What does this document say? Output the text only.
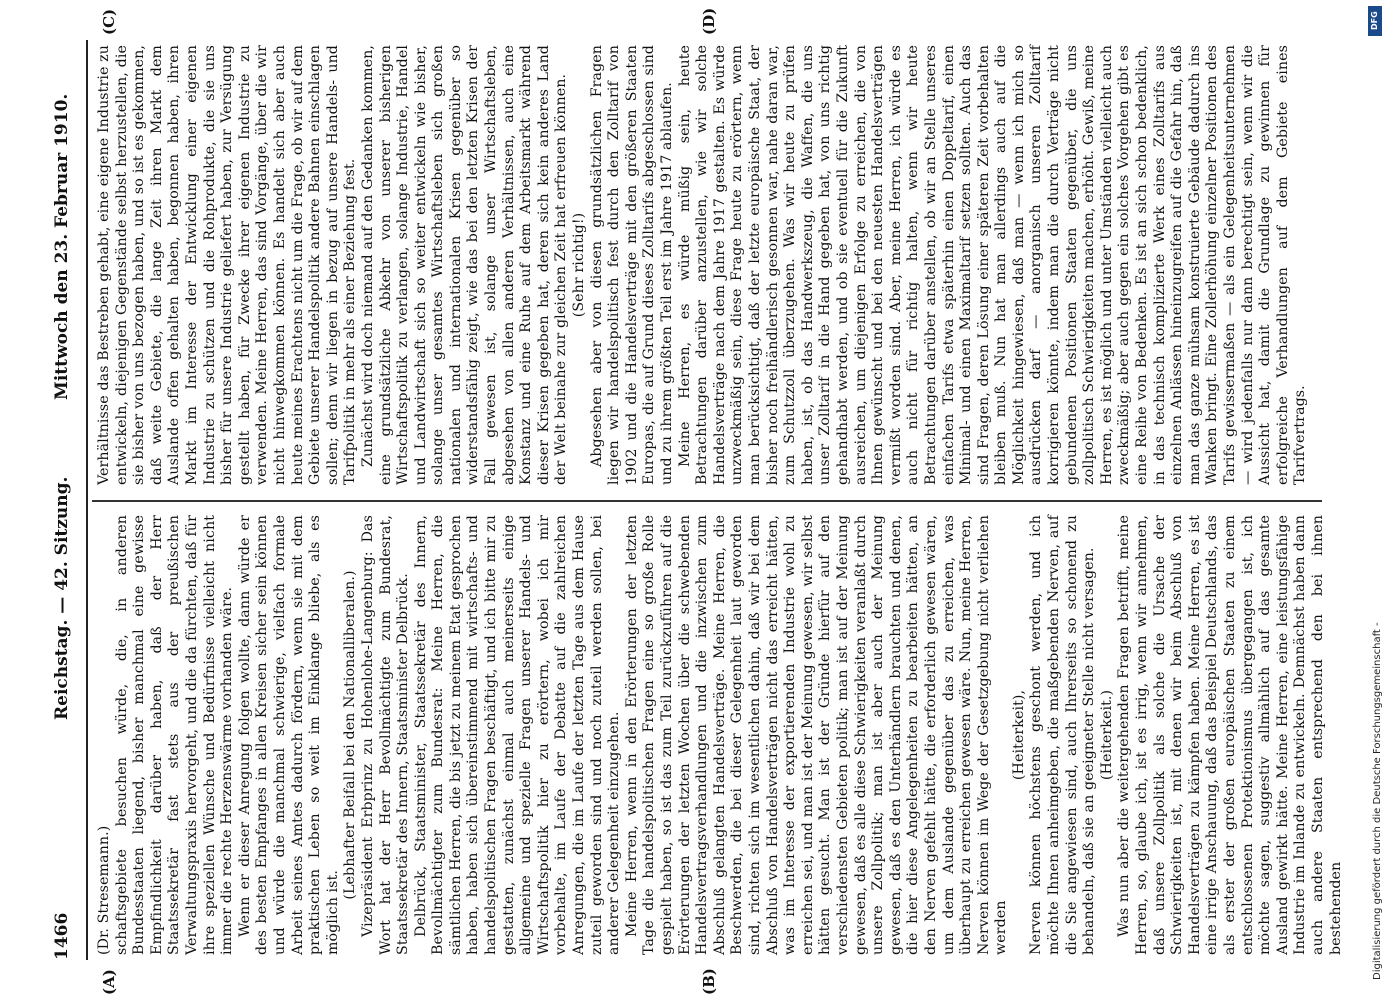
1466
Reichstag. — 42. Sitzung.
Mittwoch den 23. Februar 1910.

(Dr. Stresemann.) schaftsgebiete besuchen würde, die, in anderen Bundesstaaten liegend, bisher manchmal eine gewisse Empfindlichkeit darüber haben, daß der Herr Staatssekretär fast stets aus der preußischen Verwaltungspraxis hervorgeht, und die da fürchten, daß für ihre speziellen Wünsche und Bedürfnisse vielleicht nicht immer die rechte Herzenswärme vorhanden wäre. Wenn er dieser Anregung folgen wollte, dann würde er des besten Empfanges in allen Kreisen sicher sein können und würde die manchmal schwierige, vielfach formale Arbeit seines Amtes dadurch fördern, wenn sie mit dem praktischen Leben so weit im Einklange bliebe, als es möglich ist.

(Lebhafter Beifall bei den Nationalliberalen.) Vizepräsident Erbprinz zu Hohenlohe-Langenburg: Das Wort hat der Herr Bevollmächtigte zum Bundesrat, Staatssekretär des Innern, Staatsminister Delbrück. Delbrück, Staatsminister, Staatssekretär des Innern, Bevollmächtigter zum Bundesrat: Meine Herren, die sämtlichen Herren, die bis jetzt zu meinem Etat gesprochen haben, haben sich übereinstimmend mit wirtschafts- und handelspolitischen Fragen beschäftigt, und ich bitte mir zu gestatten, zunächst einmal auch meinerseits einige allgemeine und spezielle Fragen unserer Handels- und Wirtschaftspolitik hier zu erörtern, wobei ich mir vorbehalte, im Laufe der Debatte auf die zahlreichen Anregungen, die im Laufe der letzten Tage aus dem Hause zuteil geworden sind und noch zuteil werden sollen, bei anderer Gelegenheit einzugehen. Meine Herren, wenn in den Erörterungen der letzten Tage die handelspolitischen Fragen eine so große Rolle gespielt haben, so ist das zum Teil zurückzuführen auf die Erörterungen der letzten Wochen über die schwebenden Handelsvertragsverhandlungen und die inzwischen zum Abschluß gelangten Handelsverträge. Meine Herren, die Beschwerden, die bei dieser Gelegenheit laut geworden sind, richten sich im wesentlichen dahin, daß wir bei dem Abschluß von Handelsverträgen nicht das erreicht hätten, was im Interesse der exportierenden Industrie wohl zu erreichen sei, und man ist der Meinung gewesen, wir selbst hätten gesucht. Man ist der Gründe hierfür auf den verschiedensten Gebieten politik; man ist auf der Meinung gewesen, daß es alle diese Schwierigkeiten veranlaßt durch unsere Zollpolitik; man ist aber auch der Meinung gewesen, daß es den Unterhändlern brauchten und denen, die hier diese Angelegenheiten zu bearbeiten hätten, an den Nerven gefehlt hätte, die erforderlich gewesen wären, um dem Auslande gegenüber das zu erreichen, was überhaupt zu erreichen gewesen wäre. Nun, meine Herren, Nerven können im Wege der Gesetzgebung nicht verliehen werden

(Heiterkeit), Nerven können höchstens geschont werden, und ich möchte Ihnen anheimgeben, die maßgebenden Nerven, auf die Sie angewiesen sind, auch Ihrerseits so schonend zu behandeln, daß sie an geeigneter Stelle nicht versagen. (Heiterkeit.) Was nun aber die weitergehenden Fragen betrifft, meine Herren, so, glaube ich, ist es irrig, wenn wir annehmen, daß unsere Zollpolitik als solche die Ursache der Schwierigkeiten ist, mit denen wir beim Abschluß von Handelsverträgen zu kämpfen haben. Meine Herren, es ist eine irrige Anschauung, daß das Beispiel Deutschlands, das als erster der großen europäischen Staaten zu einem entschlossenen Protektionismus übergegangen ist, ich möchte sagen, suggestiv allmählich auf das gesamte Ausland gewirkt hätte. Meine Herren, eine leistungsfähige Industrie im Inlande zu entwickeln. Demnächst haben dann auch andere Staaten entsprechend den bei ihnen bestehenden

Verhältnisse das Bestreben gehabt, eine eigene Industrie zu entwickeln, diejenigen Gegenstände selbst herzustellen, die sie bisher von uns bezogen haben, und so ist es gekommen, daß weite Gebiete, die lange Zeit ihren Markt dem Auslande offen gehalten haben, begonnen haben, ihren Markt im Interesse der Entwicklung einer eigenen Industrie zu schützen und die Rohprodukte, die sie uns bisher für unsere Industrie geliefert haben, zur Versügung gestellt haben, für Zwecke ihrer eigenen Industrie zu verwenden. Meine Herren, das sind Vorgänge, über die wir nicht hinwegkommen können. Es handelt sich aber auch heute meines Erachtens nicht um die Frage, ob wir auf dem Gebiete unserer Handelspolitik andere Bahnen einschlagen sollen; denn wir liegen in bezug auf unsere Handels- und Tarifpolitik in mehr als einer Beziehung fest. Zunächst wird doch niemand auf den Gedanken kommen, eine grundsätzliche Abkehr von unserer bisherigen Wirtschaftspolitik zu verlangen, solange Industrie, Handel und Landwirtschaft sich so weiter entwickeln wie bisher, solange unser gesamtes Wirtschaftsleben sich großen nationalen und internationalen Krisen gegenüber so widerstandsfähig zeigt, wie das bei den letzten Krisen der Fall gewesen ist, solange unser Wirtschaftsleben, abgesehen von allen anderen Verhältnissen, auch eine Konstanz und eine Ruhe auf dem Arbeitsmarkt während dieser Krisen gegeben hat, deren sich kein anderes Land der Welt beinahe zur gleichen Zeit hat erfreuen können. (Sehr richtig!) Abgesehen aber von diesen grundsätzlichen Fragen liegen wir handelspolitisch fest durch den Zolltarif von 1902 und die Handelsverträge mit den größeren Staaten Europas, die auf Grund dieses Zolltarifs abgeschlossen sind und zu ihrem größten Teil erst im Jahre 1917 ablaufen. Meine Herren, es würde müßig sein, heute Betrachtungen darüber anzustellen, wie wir solche Handelsverträge nach dem Jahre 1917 gestalten. Es würde unzweckmäßig sein, diese Frage heute zu erörtern, wenn man berücksichtigt, daß der letzte europäische Staat, der bisher noch freihändlerisch gesonnen war, nahe daran war, zum Schutzzoll überzugehen. Was wir heute zu prüfen haben, ist, ob das Handwerkszeug, die Waffen, die uns unser Zolltarif in die Hand gegeben hat, von uns richtig gehandhabt werden, und ob sie eventuell für die Zukunft ausreichen, um diejenigen Erfolge zu erreichen, die von Ihnen gewünscht und bei den neuesten Handelsverträgen vermißt worden sind. Aber, meine Herren, ich würde es auch nicht für richtig halten, wenn wir heute Betrachtungen darüber anstellen, ob wir an Stelle unseres einfachen Tarifs etwa späterhin einen Doppeltarif, einen Minimal- und einen Maximaltarif setzen sollten. Auch das sind Fragen, deren Lösung einer späteren Zeit vorbehalten bleiben muß. Nun hat man allerdings auch auf die Möglichkeit hingewiesen, daß man — wenn ich mich so ausdrücken darf — anorganisch unseren Zolltarif korrigieren könnte, indem man die durch Verträge nicht gebundenen Positionen Staaten gegenüber, die uns zollpolitisch Schwierigkeiten machen, erhöht. Gewiß, meine Herren, es ist möglich und unter Umständen vielleicht auch zweckmäßig; aber auch gegen ein solches Vorgehen gibt es eine Reihe von Bedenken. Es ist an sich schon bedenklich, in das technisch komplizierte Werk eines Zolltarifs aus einzelnen Anlässen hineinzugreifen auf die Gefahr hin, daß man das ganze mühsam konstruierte Gebäude dadurch ins Wanken bringt. Eine Zollerhöhung einzelner Positionen des Tarifs gewissermaßen — als ein Gelegenheitsunternehmen — wird jedenfalls nur dann berechtigt sein, wenn wir die Aussicht hat, damit die Grundlage zu gewinnen für erfolgreiche Verhandlungen auf dem Gebiete eines Tarifvertrags.

(A)	(B)
(C)	(D)
Digitalisierung gefördert durch die Deutsche Forschungsgemeinschaft -
DFG
